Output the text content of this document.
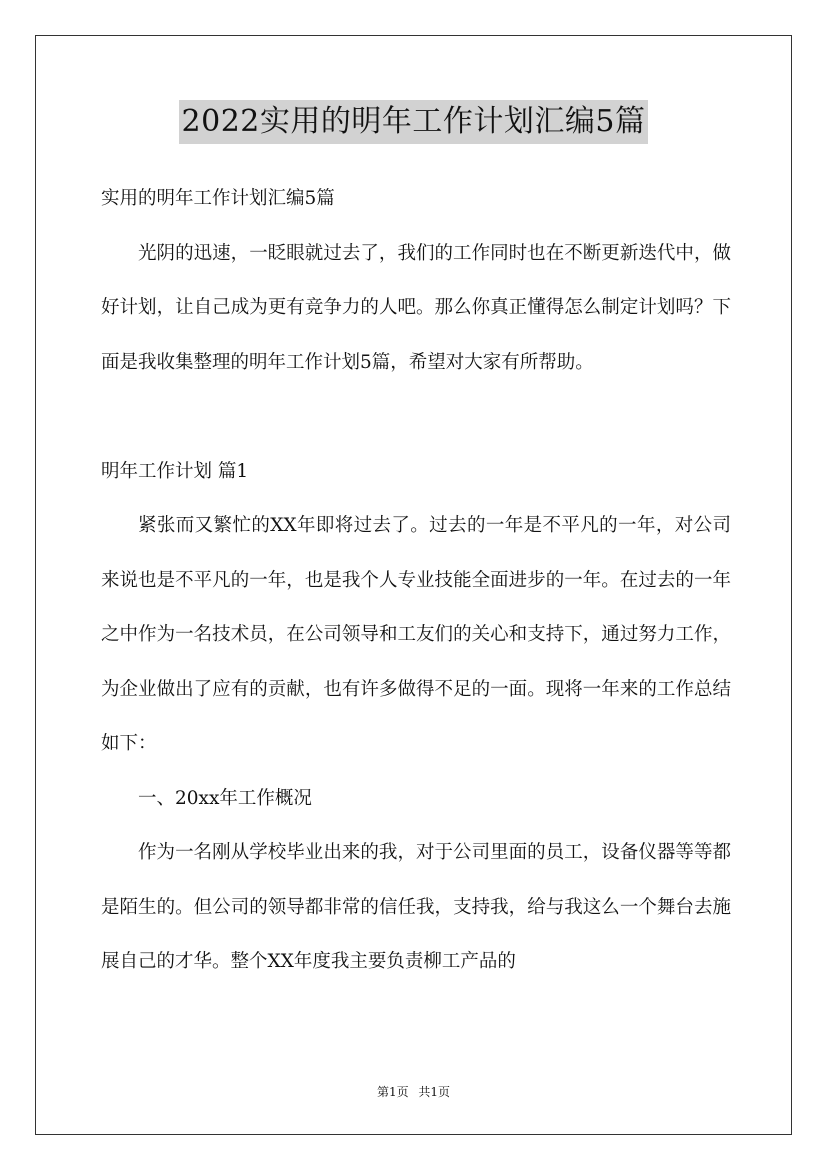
2022实用的明年工作计划汇编5篇

实用的明年工作计划汇编5篇

光阴的迅速，一眨眼就过去了，我们的工作同时也在不断更新迭代中，做好计划，让自己成为更有竞争力的人吧。那么你真正懂得怎么制定计划吗？下面是我收集整理的明年工作计划5篇，希望对大家有所帮助。

明年工作计划 篇1

紧张而又繁忙的XX年即将过去了。过去的一年是不平凡的一年，对公司来说也是不平凡的一年，也是我个人专业技能全面进步的一年。在过去的一年之中作为一名技术员，在公司领导和工友们的关心和支持下，通过努力工作，为企业做出了应有的贡献，也有许多做得不足的一面。现将一年来的工作总结如下：

一、20xx年工作概况

作为一名刚从学校毕业出来的我，对于公司里面的员工，设备仪器等等都是陌生的。但公司的领导都非常的信任我，支持我，给与我这么一个舞台去施展自己的才华。整个XX年度我主要负责柳工产品的

第1页 共1页
